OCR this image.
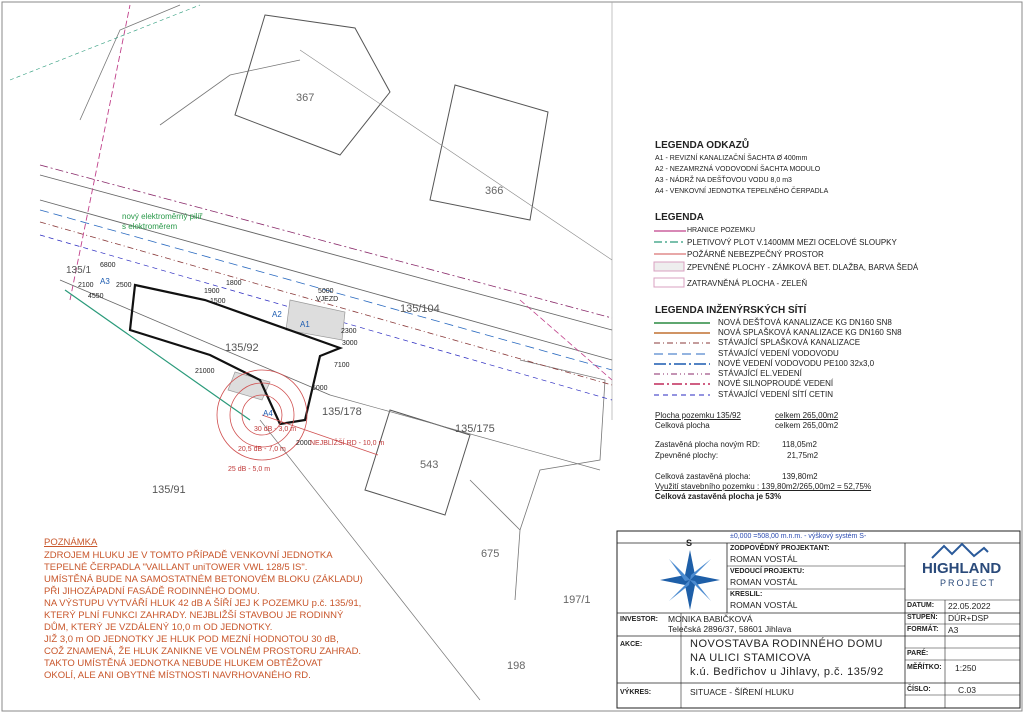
367
366
135/104
135/92
135/178
135/175
543
135/91
675
197/1
198
135/1
5000
VJEZD
6800
2500
4550
1900
1500
21000
7100
2000
5000
3000
2300
2100	1800
30 dB - 3,0 m
25 dB - 5,0 m
20,5 dB - 7,0 m
NEJBLIŽŠÍ RD - 10,0 m
nový elektroměrný pilíř
s elektroměrem
A1
A2
A3
A4
LEGENDA ODKAZŮ
A1 - REVIZNÍ KANALIZAČNÍ ŠACHTA Ø 400mm
A2 - NEZAMRZNÁ VODOVODNÍ ŠACHTA MODULO
A3 - NÁDRŽ NA DEŠŤOVOU VODU 8,0 m3
A4 - VENKOVNÍ JEDNOTKA TEPELNÉHO ČERPADLA
LEGENDA
HRANICE POZEMKU
PLETIVOVÝ PLOT V.1400MM MEZI OCELOVÉ SLOUPKY
POŽÁRNĚ NEBEZPEČNÝ PROSTOR
ZPEVNĚNÉ PLOCHY - ZÁMKOVÁ BET. DLAŽBA, BARVA ŠEDÁ
ZATRAVNĚNÁ PLOCHA - ZELEŇ
LEGENDA INŽENÝRSKÝCH SÍTÍ
NOVÁ DEŠŤOVÁ KANALIZACE KG DN160 SN8
NOVÁ SPLAŠKOVÁ KANALIZACE KG DN160 SN8
STÁVAJÍCÍ SPLAŠKOVÁ KANALIZACE
STÁVAJÍCÍ VEDENÍ VODOVODU
NOVÉ VEDENÍ VODOVODU PE100 32x3,0
STÁVAJÍCÍ EL.VEDENÍ
NOVÉ SILNOPROUDÉ VEDENÍ
STÁVAJÍCÍ VEDENÍ SÍTÍ CETIN
Plocha pozemku 135/92	celkem 265,00m2
Celková plocha	celkem 265,00m2
Zastavěná plocha novým RD:	118,05m2
Zpevněné plochy:	21,75m2
Celková zastavěná plocha:	139,80m2
Využití stavebního pozemku : 139,80m2/265,00m2 = 52,75%
Celková zastavěná plocha je 53%
POZNÁMKA
ZDROJEM HLUKU JE V TOMTO PŘÍPADĚ VENKOVNÍ JEDNOTKA
TEPELNÉ ČERPADLA "VAILLANT uniTOWER VWL 128/5 IS".
UMÍSTĚNÁ BUDE NA SAMOSTATNÉM BETONOVÉM BLOKU (ZÁKLADU)
PŘI JIHOZÁPADNÍ FASÁDĚ RODINNÉHO DOMU.
NA VÝSTUPU VYTVÁŘÍ HLUK 42 dB A ŠÍŘÍ JEJ K POZEMKU p.č. 135/91,
KTERÝ PLNÍ FUNKCI ZAHRADY. NEJBLIŽŠÍ STAVBOU JE RODINNÝ
DŮM, KTERÝ JE VZDÁLENÝ 10,0 m OD JEDNOTKY.
JIŽ 3,0 m OD JEDNOTKY JE HLUK POD MEZNÍ HODNOTOU 30 dB,
COŽ ZNAMENÁ, ŽE HLUK ZANIKNE VE VOLNÉM PROSTORU ZAHRAD.
TAKTO UMÍSTĚNÁ JEDNOTKA NEBUDE HLUKEM OBTĚŽOVAT
OKOLÍ, ALE ANI OBYTNÉ MÍSTNOSTI NAVRHOVANÉHO RD.
S
±0,000 =508,00 m.n.m. - výškový systém S-
ZODPOVĚDNÝ PROJEKTANT:
ROMAN VOSTÁL
VEDOUCÍ PROJEKTU:
ROMAN VOSTÁL
KRESLIL:
ROMAN VOSTÁL
INVESTOR: MONIKA BABIČKOVÁ
Telečská 2896/37, 58601 Jihlava
AKCE:	NOVOSTAVBA RODINNÉHO DOMU
NA ULICI STAMICOVA
k.ú. Bedřichov u Jihlavy, p.č. 135/92
VÝKRES:	SITUACE - ŠÍŘENÍ HLUKU
HIGHLAND
PROJECT
DATUM: 22.05.2022
STUPEŇ: DÚR+DSP
FORMÁT: A3
PARÉ:
MĚŘÍTKO: 1:250
ČÍSLO:	C.03
